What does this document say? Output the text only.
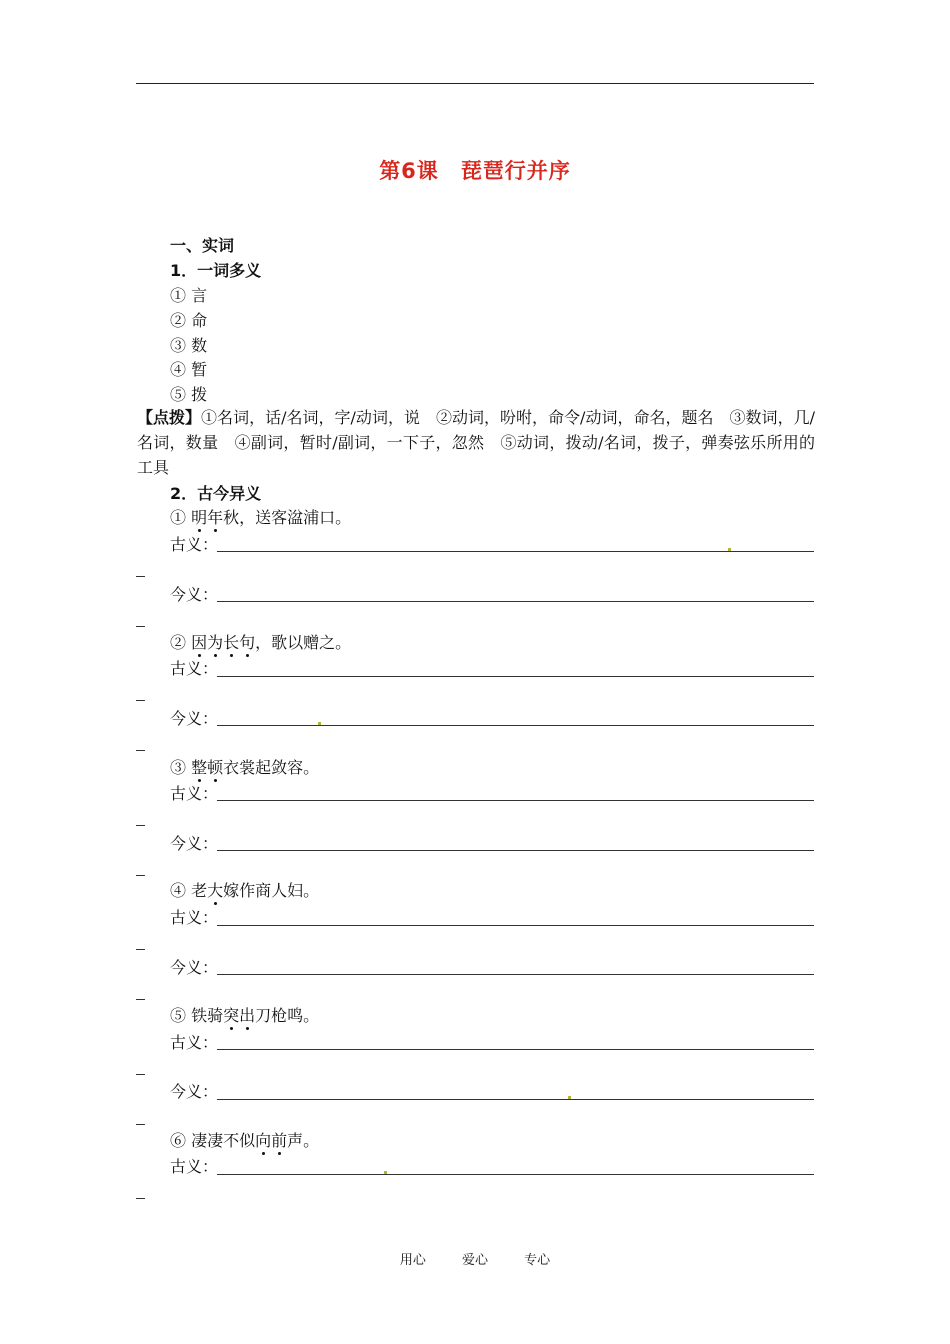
第6课 琵琶行并序
一、实词
1．一词多义
① 言
② 命
③ 数
④ 暂
⑤ 拨
【点拨】①名词，话/名词，字/动词，说　②动词，吩咐，命令/动词，命名，题名　③数词，几/名词，数量　④副词，暂时/副词，一下子，忽然　⑤动词，拨动/名词，拨子，弹奏弦乐所用的工具
2．古今异义
① 明年秋，送客湓浦口。
古义：
今义：
② 因为长句，歌以赠之。
古义：
今义：
③ 整顿衣裳起敛容。
古义：
今义：
④ 老大嫁作商人妇。
古义：
今义：
⑤ 铁骑突出刀枪鸣。
古义：
今义：
⑥ 凄凄不似向前声。
古义：
用心	爱心	专心
